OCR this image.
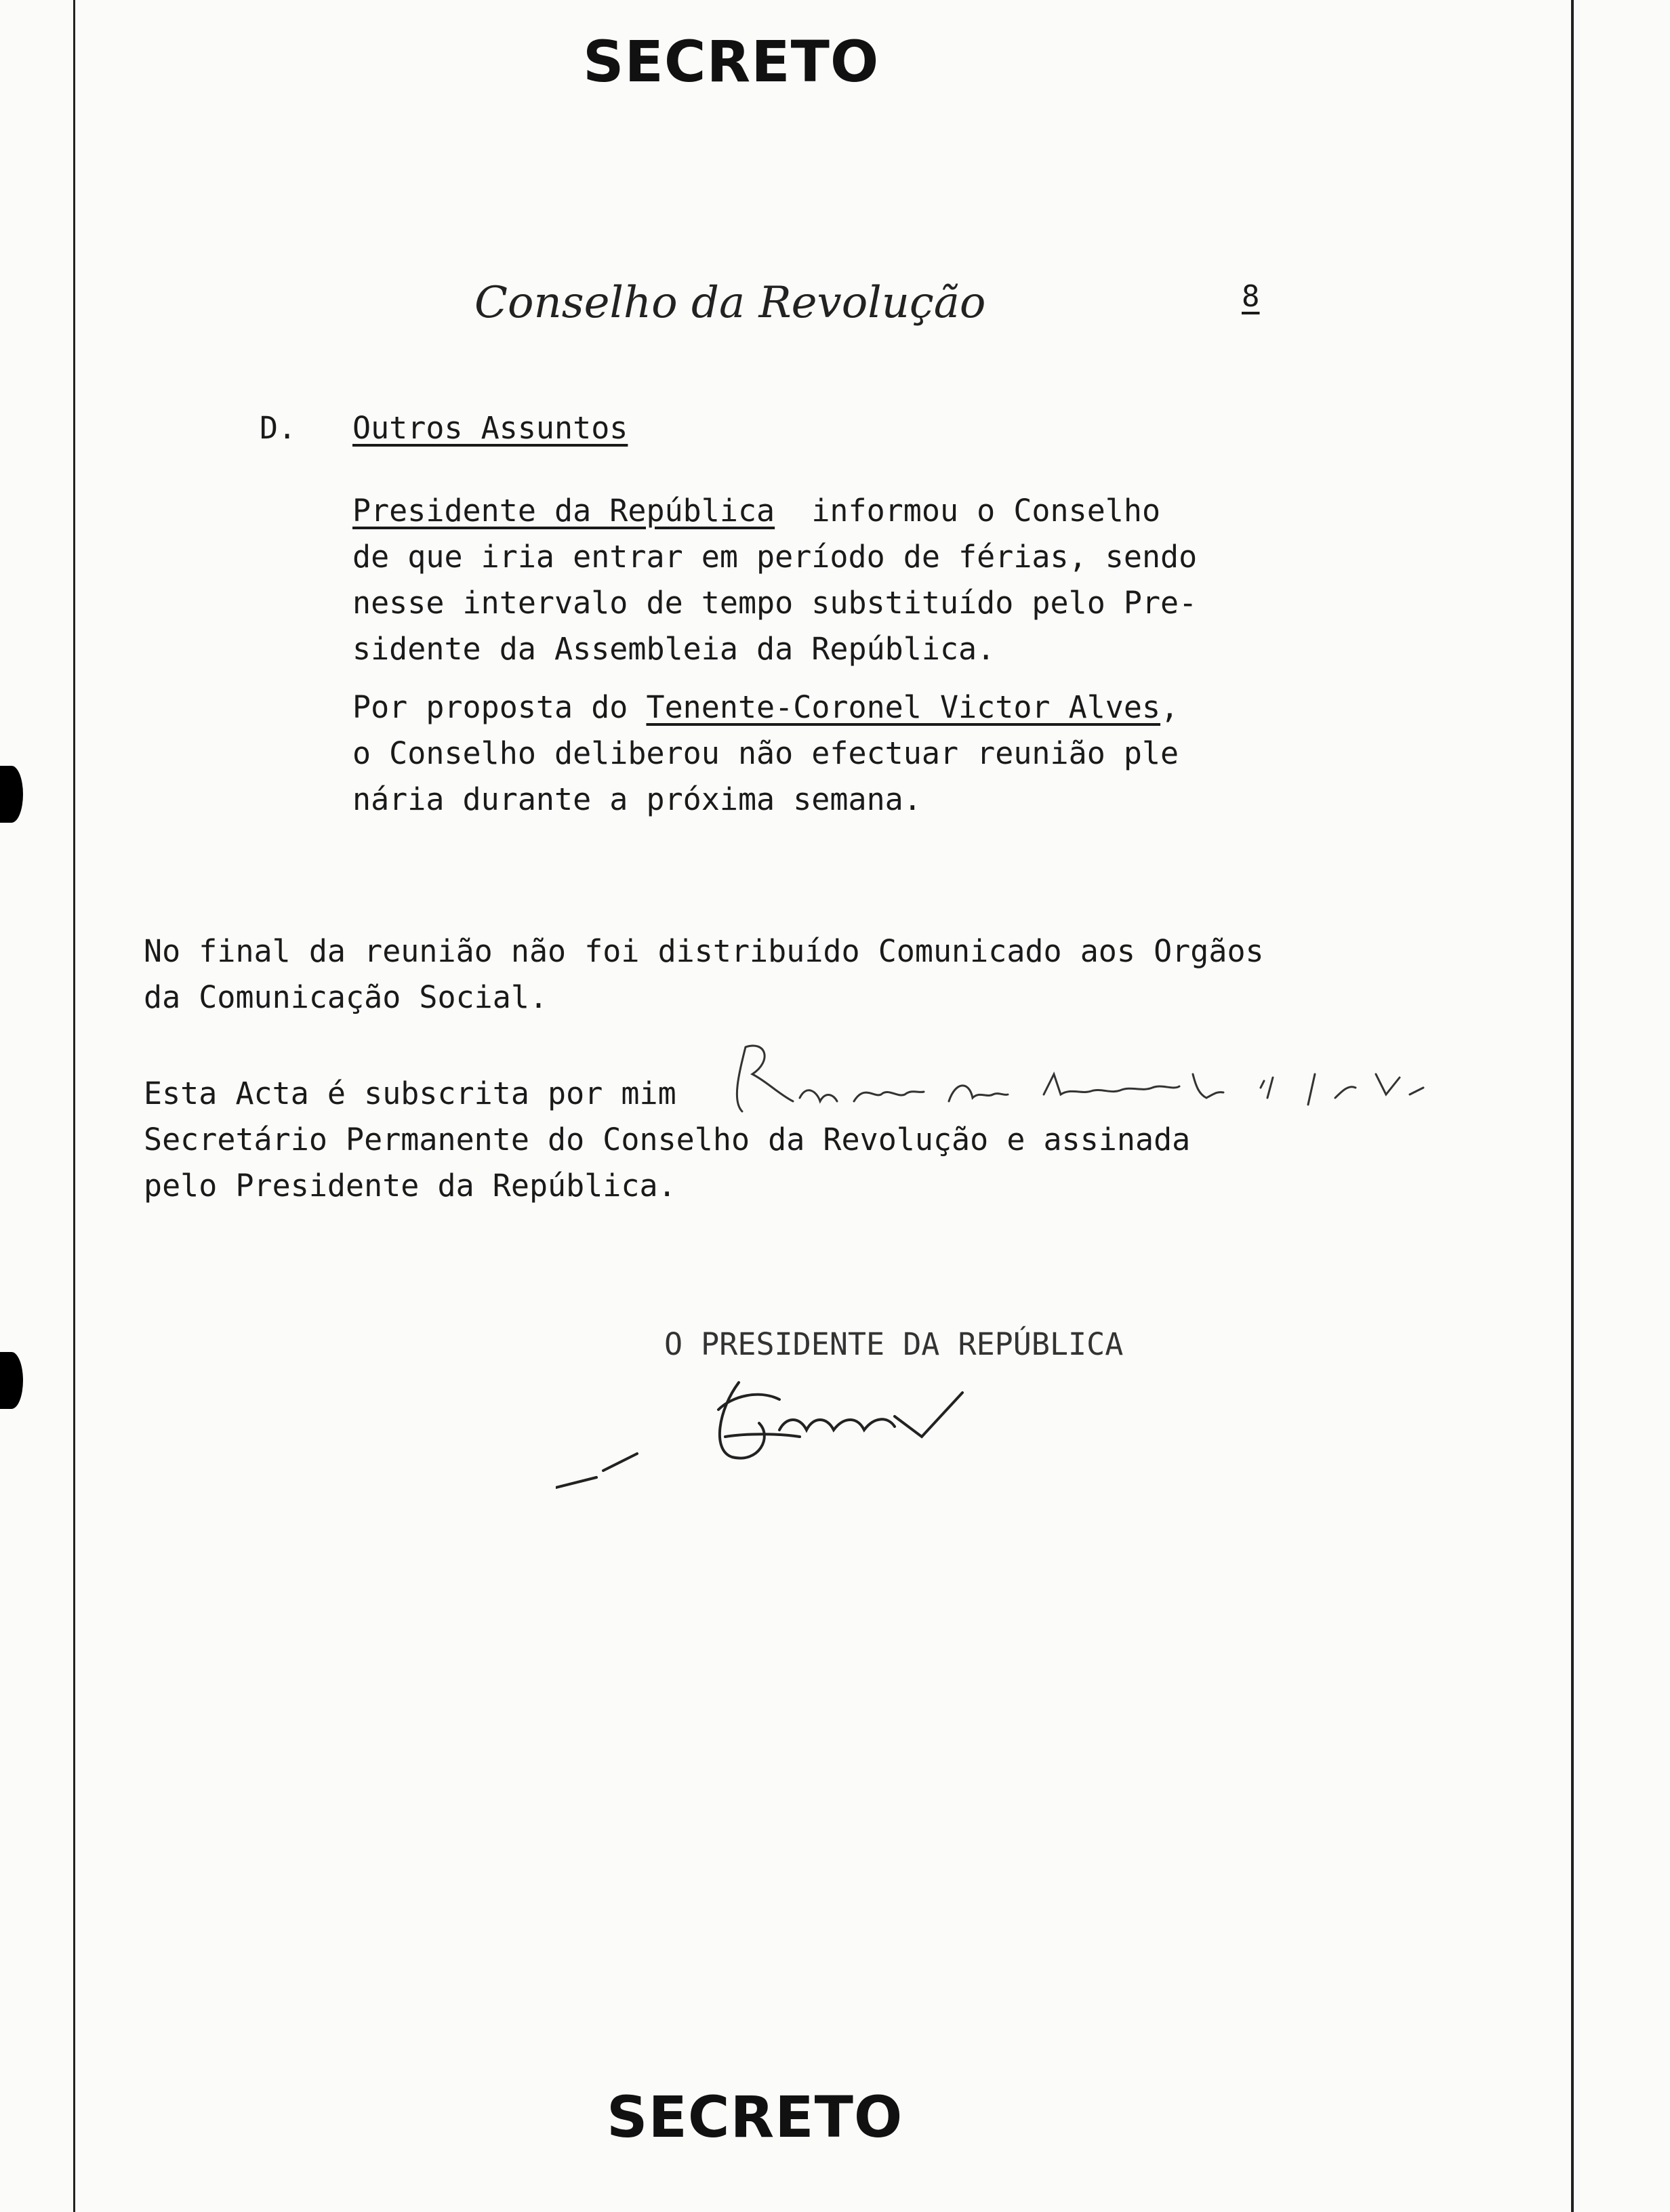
SECRETO
Conselho da Revolução	8
D. Outros Assuntos
Presidente da República informou o Conselho
de que iria entrar em período de férias, sendo
nesse intervalo de tempo substituído pelo Pre-
sidente da Assembleia da República.
Por proposta do Tenente-Coronel Victor Alves,
o Conselho deliberou não efectuar reunião ple
nária durante a próxima semana.
No final da reunião não foi distribuído Comunicado aos Orgãos
da Comunicação Social.
Esta Acta é subscrita por mim
Secretário Permanente do Conselho da Revolução e assinada
pelo Presidente da República.
O PRESIDENTE DA REPÚBLICA
SECRETO
